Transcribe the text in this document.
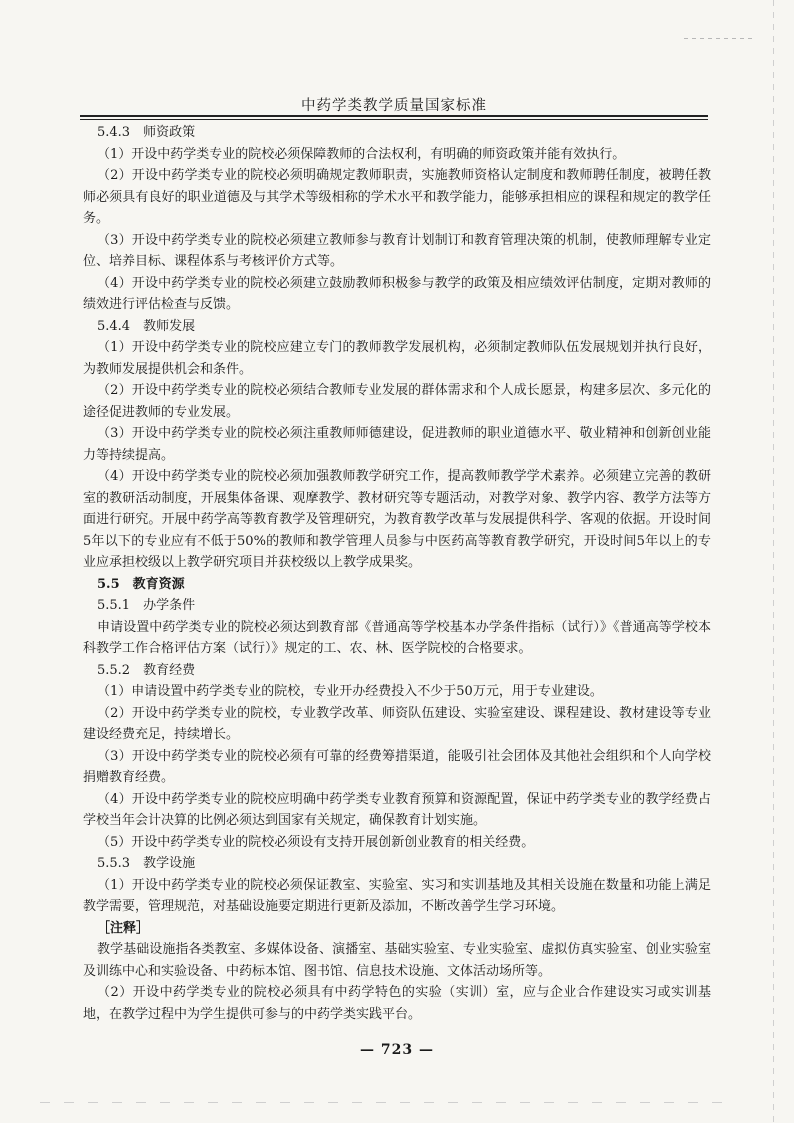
中药学类教学质量国家标准

5.4.3　师资政策

（1）开设中药学类专业的院校必须保障教师的合法权利，有明确的师资政策并能有效执行。

（2）开设中药学类专业的院校必须明确规定教师职责，实施教师资格认定制度和教师聘任制度，被聘任教师必须具有良好的职业道德及与其学术等级相称的学术水平和教学能力，能够承担相应的课程和规定的教学任务。

（3）开设中药学类专业的院校必须建立教师参与教育计划制订和教育管理决策的机制，使教师理解专业定位、培养目标、课程体系与考核评价方式等。

（4）开设中药学类专业的院校必须建立鼓励教师积极参与教学的政策及相应绩效评估制度，定期对教师的绩效进行评估检查与反馈。

5.4.4　教师发展

（1）开设中药学类专业的院校应建立专门的教师教学发展机构，必须制定教师队伍发展规划并执行良好，为教师发展提供机会和条件。

（2）开设中药学类专业的院校必须结合教师专业发展的群体需求和个人成长愿景，构建多层次、多元化的途径促进教师的专业发展。

（3）开设中药学类专业的院校必须注重教师师德建设，促进教师的职业道德水平、敬业精神和创新创业能力等持续提高。

（4）开设中药学类专业的院校必须加强教师教学研究工作，提高教师教学学术素养。必须建立完善的教研室的教研活动制度，开展集体备课、观摩教学、教材研究等专题活动，对教学对象、教学内容、教学方法等方面进行研究。开展中药学高等教育教学及管理研究，为教育教学改革与发展提供科学、客观的依据。开设时间5年以下的专业应有不低于50%的教师和教学管理人员参与中医药高等教育教学研究，开设时间5年以上的专业应承担校级以上教学研究项目并获校级以上教学成果奖。

5.5　教育资源

5.5.1　办学条件

申请设置中药学类专业的院校必须达到教育部《普通高等学校基本办学条件指标（试行）》《普通高等学校本科教学工作合格评估方案（试行）》规定的工、农、林、医学院校的合格要求。

5.5.2　教育经费

（1）申请设置中药学类专业的院校，专业开办经费投入不少于50万元，用于专业建设。

（2）开设中药学类专业的院校，专业教学改革、师资队伍建设、实验室建设、课程建设、教材建设等专业建设经费充足，持续增长。

（3）开设中药学类专业的院校必须有可靠的经费筹措渠道，能吸引社会团体及其他社会组织和个人向学校捐赠教育经费。

（4）开设中药学类专业的院校应明确中药学类专业教育预算和资源配置，保证中药学类专业的教学经费占学校当年会计决算的比例必须达到国家有关规定，确保教育计划实施。

（5）开设中药学类专业的院校必须设有支持开展创新创业教育的相关经费。

5.5.3　教学设施

（1）开设中药学类专业的院校必须保证教室、实验室、实习和实训基地及其相关设施在数量和功能上满足教学需要，管理规范，对基础设施要定期进行更新及添加，不断改善学生学习环境。

［注释］

教学基础设施指各类教室、多媒体设备、演播室、基础实验室、专业实验室、虚拟仿真实验室、创业实验室及训练中心和实验设备、中药标本馆、图书馆、信息技术设施、文体活动场所等。

（2）开设中药学类专业的院校必须具有中药学特色的实验（实训）室，应与企业合作建设实习或实训基地，在教学过程中为学生提供可参与的中药学类实践平台。

— 723 —
